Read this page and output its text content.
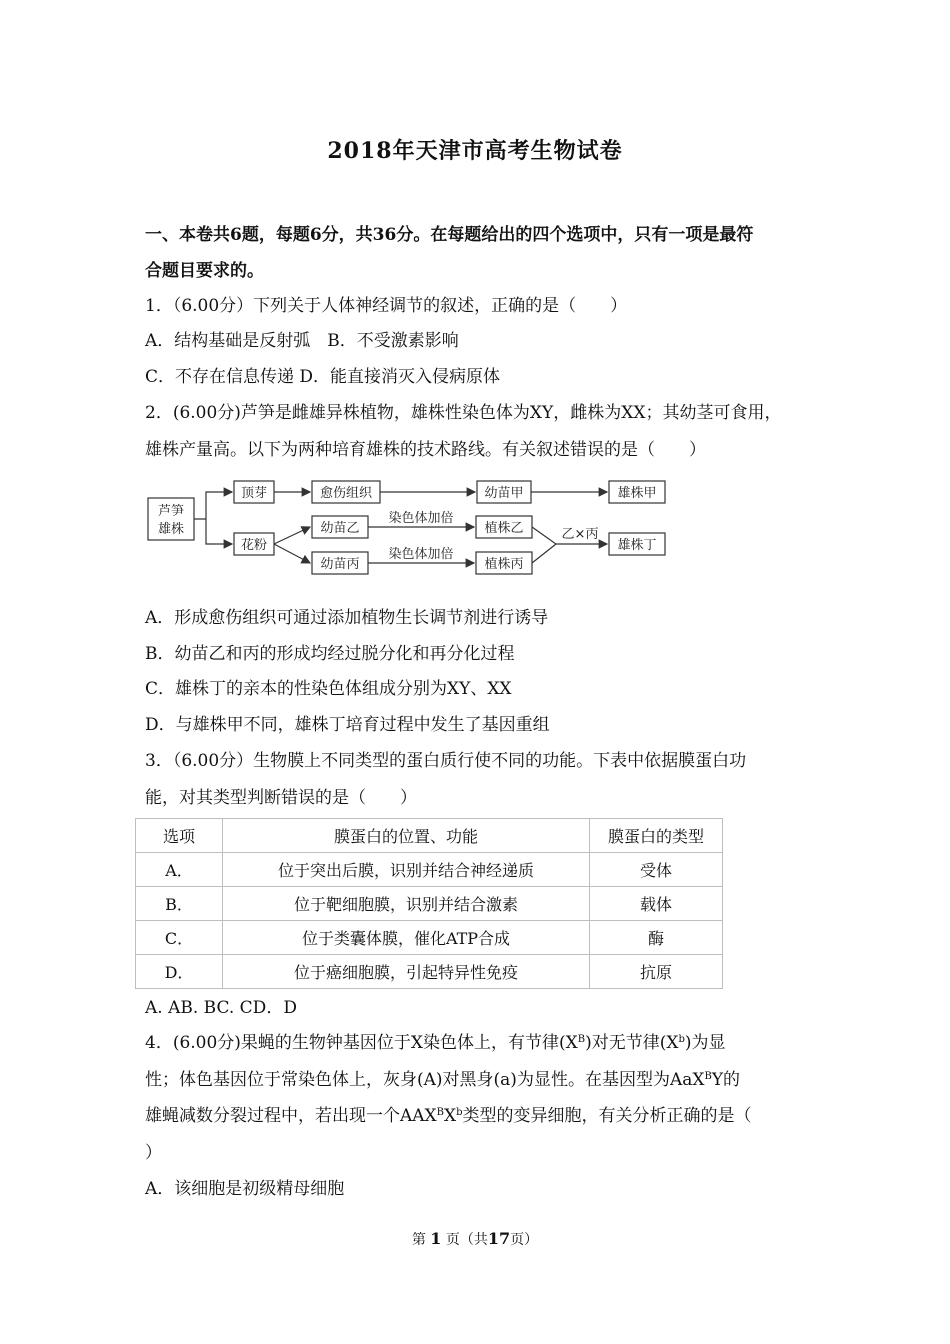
2018年天津市高考生物试卷
一、本卷共6题，每题6分，共36分。在每题给出的四个选项中，只有一项是最符
合题目要求的。
1．（6.00分）下列关于人体神经调节的叙述，正确的是（　　）
A．结构基础是反射弧　B．不受激素影响
C．不存在信息传递 D．能直接消灭入侵病原体
2．(6.00分)芦笋是雌雄异株植物，雄株性染色体为XY，雌株为XX；其幼茎可食用，
雄株产量高。以下为两种培育雄株的技术路线。有关叙述错误的是（　　）
芦笋
雄株
顶芽	愈伤组织	幼苗甲	雄株甲
花粉
幼苗乙
幼苗丙
染色体加倍
染色体加倍
植株乙
植株丙
乙×丙
雄株丁
A．形成愈伤组织可通过添加植物生长调节剂进行诱导
B．幼苗乙和丙的形成均经过脱分化和再分化过程
C．雄株丁的亲本的性染色体组成分别为XY、XX
D．与雄株甲不同，雄株丁培育过程中发生了基因重组
3．（6.00分）生物膜上不同类型的蛋白质行使不同的功能。下表中依据膜蛋白功
能，对其类型判断错误的是（　　）
选项	膜蛋白的位置、功能	膜蛋白的类型
A．	位于突出后膜，识别并结合神经递质	受体
B．	位于靶细胞膜，识别并结合激素	载体
C．	位于类囊体膜，催化ATP合成	酶
D．	位于癌细胞膜，引起特异性免疫	抗原
A. AB. BC. CD．D
4．(6.00分)果蝇的生物钟基因位于X染色体上，有节律$(X^B)$对无节律$(X^b)$为显
性；体色基因位于常染色体上，灰身(A)对黑身(a)为显性。在基因型为AaX$^B$Y的
雄蝇减数分裂过程中，若出现一个$AAX^BX^b$类型的变异细胞，有关分析正确的是（
）
A．该细胞是初级精母细胞
第 1 页（共17页）
